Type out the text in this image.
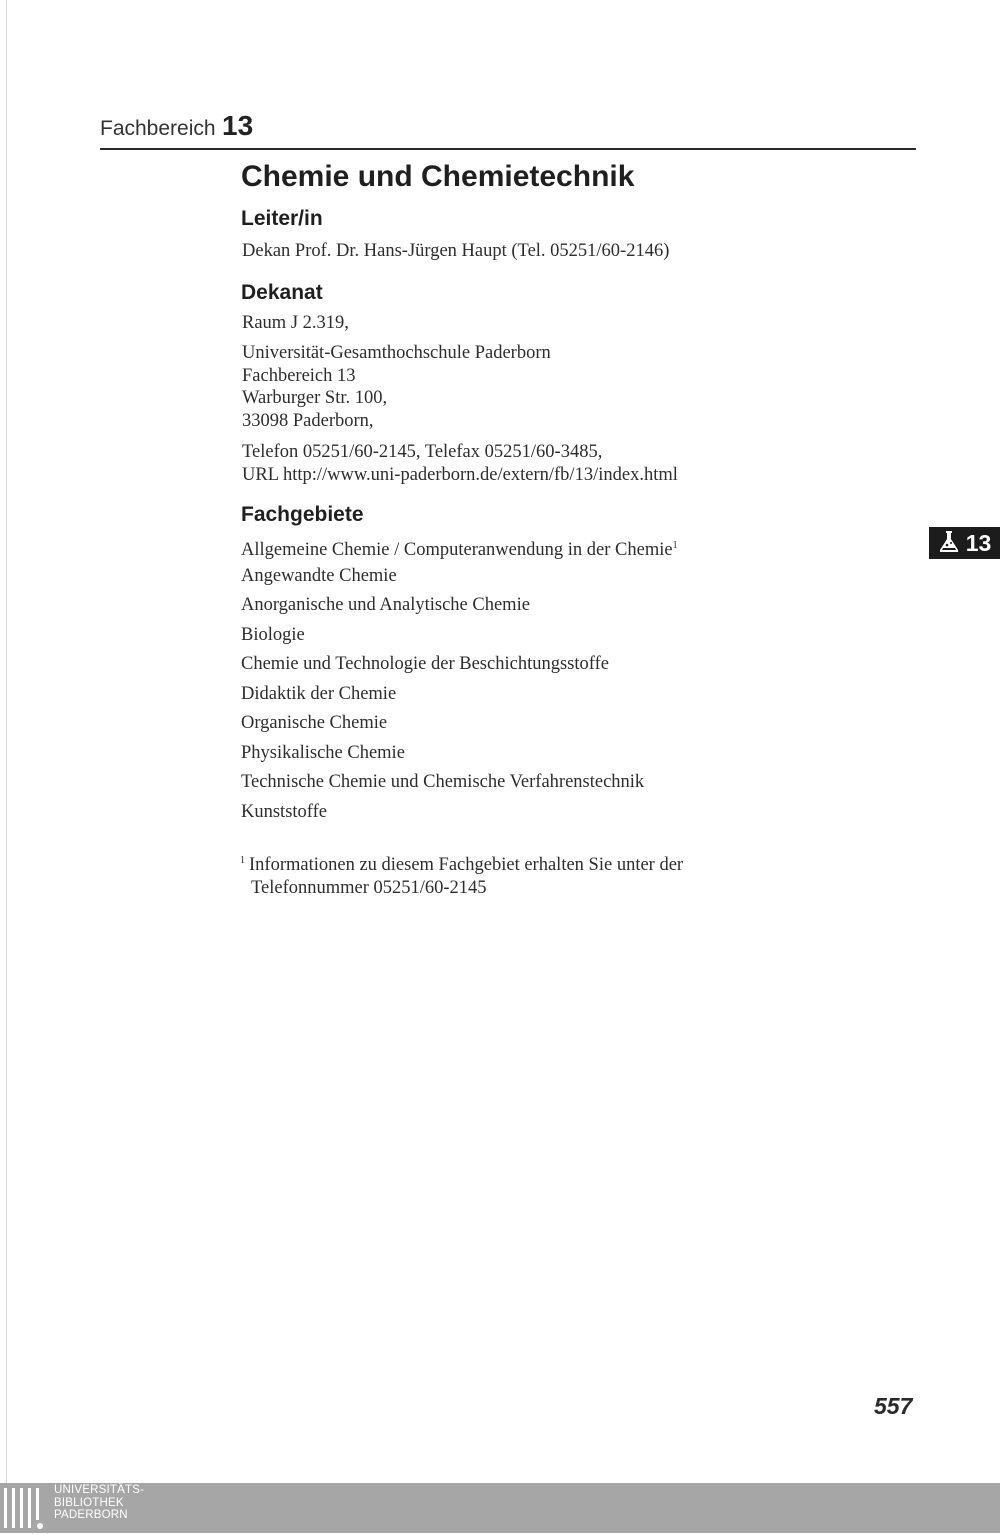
Fachbereich 13
Chemie und Chemietechnik
Leiter/in

Dekan Prof. Dr. Hans-Jürgen Haupt (Tel. 05251/60-2146)

Dekanat

Raum J 2.319,

Universität-Gesamthochschule Paderborn

Fachbereich 13

Warburger Str. 100,

33098 Paderborn,

Telefon 05251/60-2145, Telefax 05251/60-3485,

URL http://www.uni-paderborn.de/extern/fb/13/index.html

Fachgebiete
Allgemeine Chemie / Computeranwendung in der Chemie$^1$
Angewandte Chemie
Anorganische und Analytische Chemie
Biologie
Chemie und Technologie der Beschichtungsstoffe
Didaktik der Chemie
Organische Chemie
Physikalische Chemie
Technische Chemie und Chemische Verfahrenstechnik
Kunststoffe
$^1$ Informationen zu diesem Fachgebiet erhalten Sie unter der
Telefonnummer 05251/60-2145
13
557
UNIVERSITÄTS-
BIBLIOTHEK
PADERBORN
